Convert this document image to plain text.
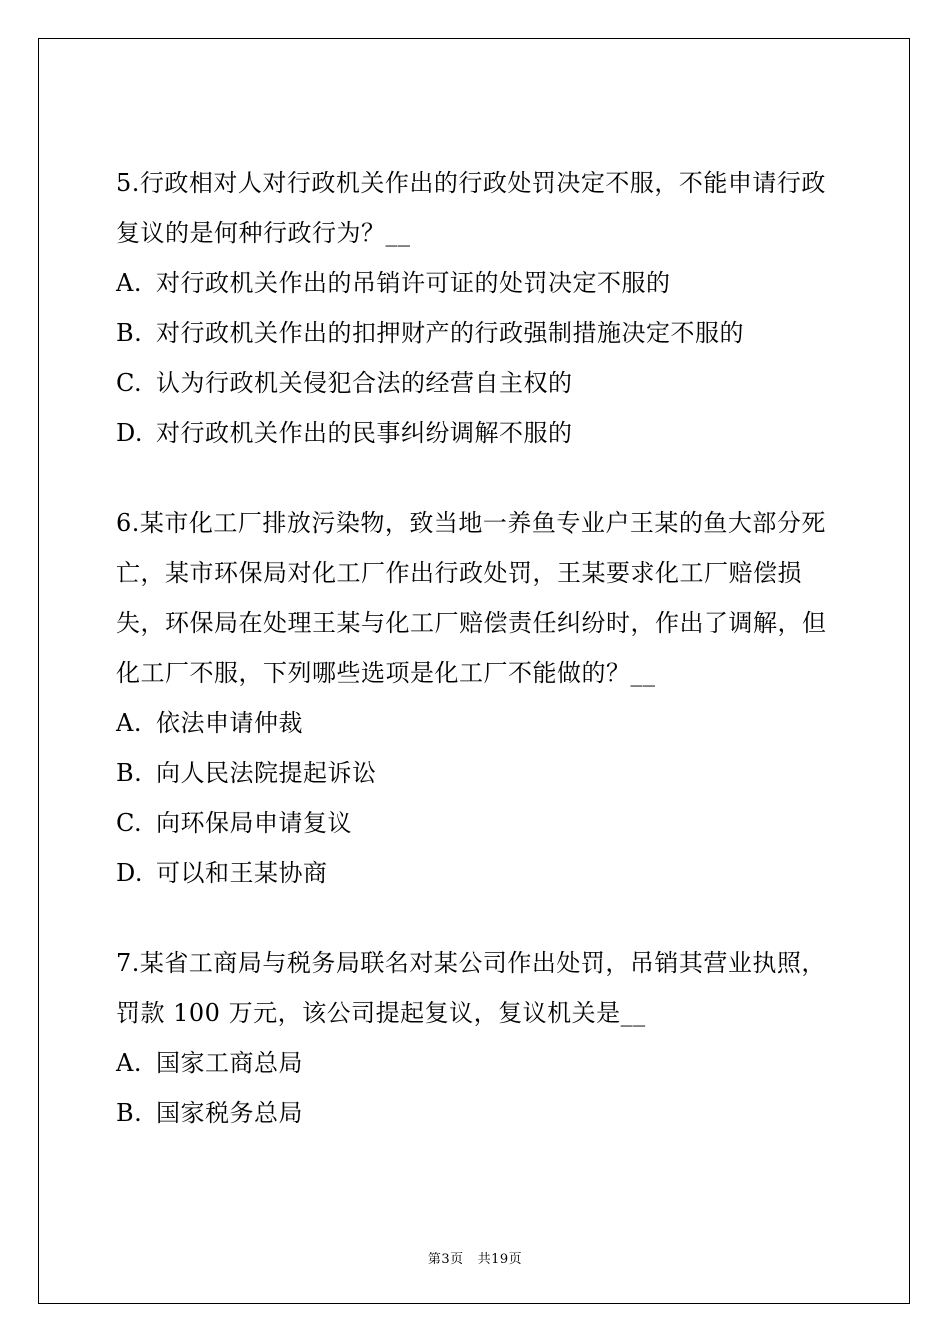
5.行政相对人对行政机关作出的行政处罚决定不服，不能申请行政复议的是何种行政行为？__

A. 对行政机关作出的吊销许可证的处罚决定不服的

B. 对行政机关作出的扣押财产的行政强制措施决定不服的

C. 认为行政机关侵犯合法的经营自主权的

D. 对行政机关作出的民事纠纷调解不服的

6.某市化工厂排放污染物，致当地一养鱼专业户王某的鱼大部分死亡，某市环保局对化工厂作出行政处罚，王某要求化工厂赔偿损失，环保局在处理王某与化工厂赔偿责任纠纷时，作出了调解，但化工厂不服，下列哪些选项是化工厂不能做的？__

A. 依法申请仲裁

B. 向人民法院提起诉讼

C. 向环保局申请复议

D. 可以和王某协商

7.某省工商局与税务局联名对某公司作出处罚，吊销其营业执照，罚款 100 万元，该公司提起复议，复议机关是__

A. 国家工商总局

B. 国家税务总局

第3页 共19页
